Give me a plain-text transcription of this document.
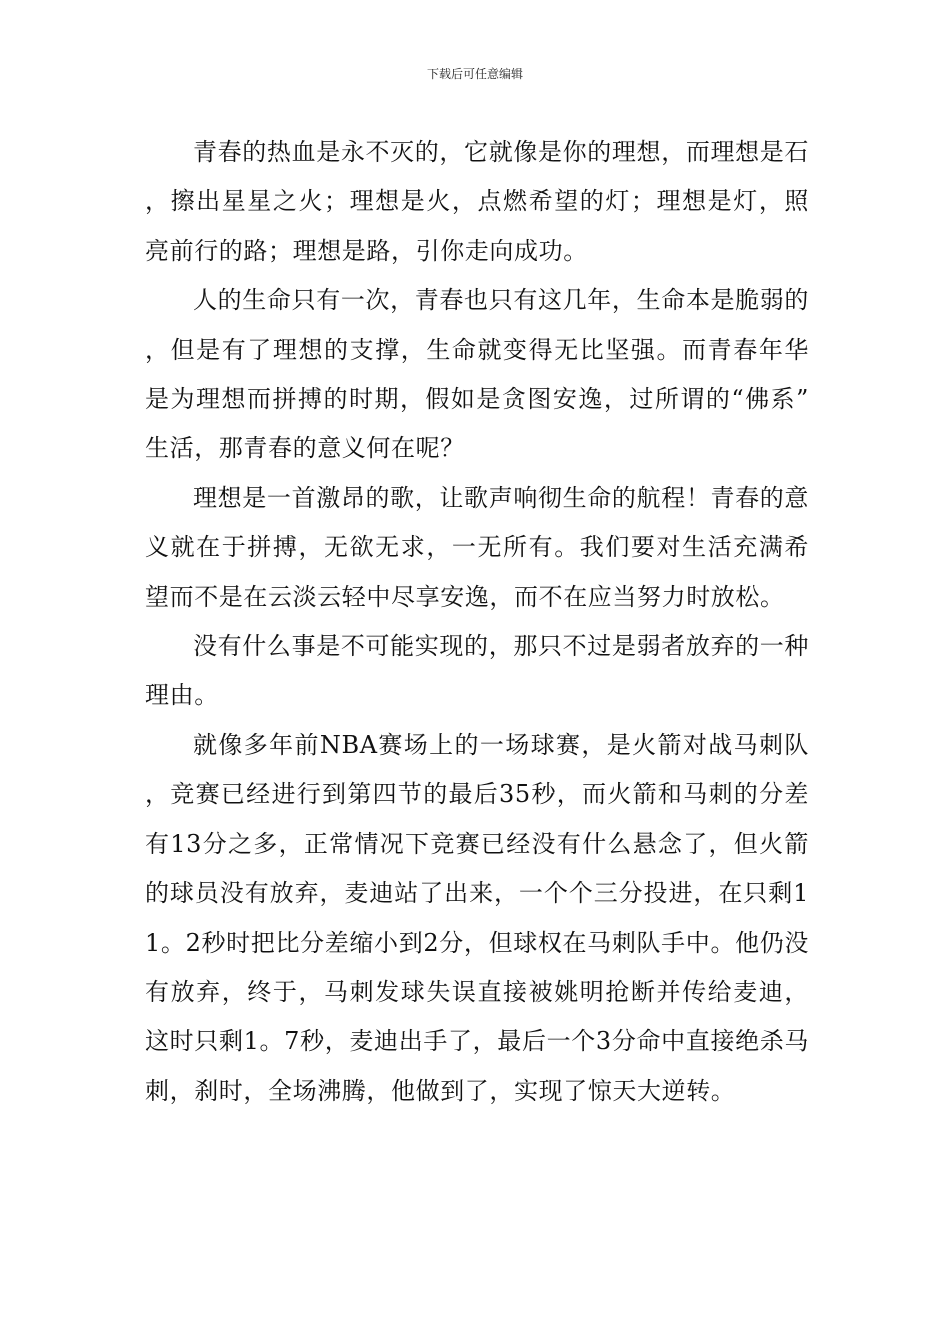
下载后可任意编辑

青春的热血是永不灭的，它就像是你的理想，而理想是石，擦出星星之火；理想是火，点燃希望的灯；理想是灯，照亮前行的路；理想是路，引你走向成功。

人的生命只有一次，青春也只有这几年，生命本是脆弱的，但是有了理想的支撑，生命就变得无比坚强。而青春年华是为理想而拼搏的时期，假如是贪图安逸，过所谓的“佛系”生活，那青春的意义何在呢？

理想是一首激昂的歌，让歌声响彻生命的航程！青春的意义就在于拼搏，无欲无求，一无所有。我们要对生活充满希望而不是在云淡云轻中尽享安逸，而不在应当努力时放松。

没有什么事是不可能实现的，那只不过是弱者放弃的一种理由。

就像多年前NBA赛场上的一场球赛，是火箭对战马刺队，竞赛已经进行到第四节的最后35秒，而火箭和马刺的分差有13分之多，正常情况下竞赛已经没有什么悬念了，但火箭的球员没有放弃，麦迪站了出来，一个个三分投进，在只剩11。2秒时把比分差缩小到2分，但球权在马刺队手中。他仍没有放弃，终于，马刺发球失误直接被姚明抢断并传给麦迪，这时只剩1。7秒，麦迪出手了，最后一个3分命中直接绝杀马刺，刹时，全场沸腾，他做到了，实现了惊天大逆转。
